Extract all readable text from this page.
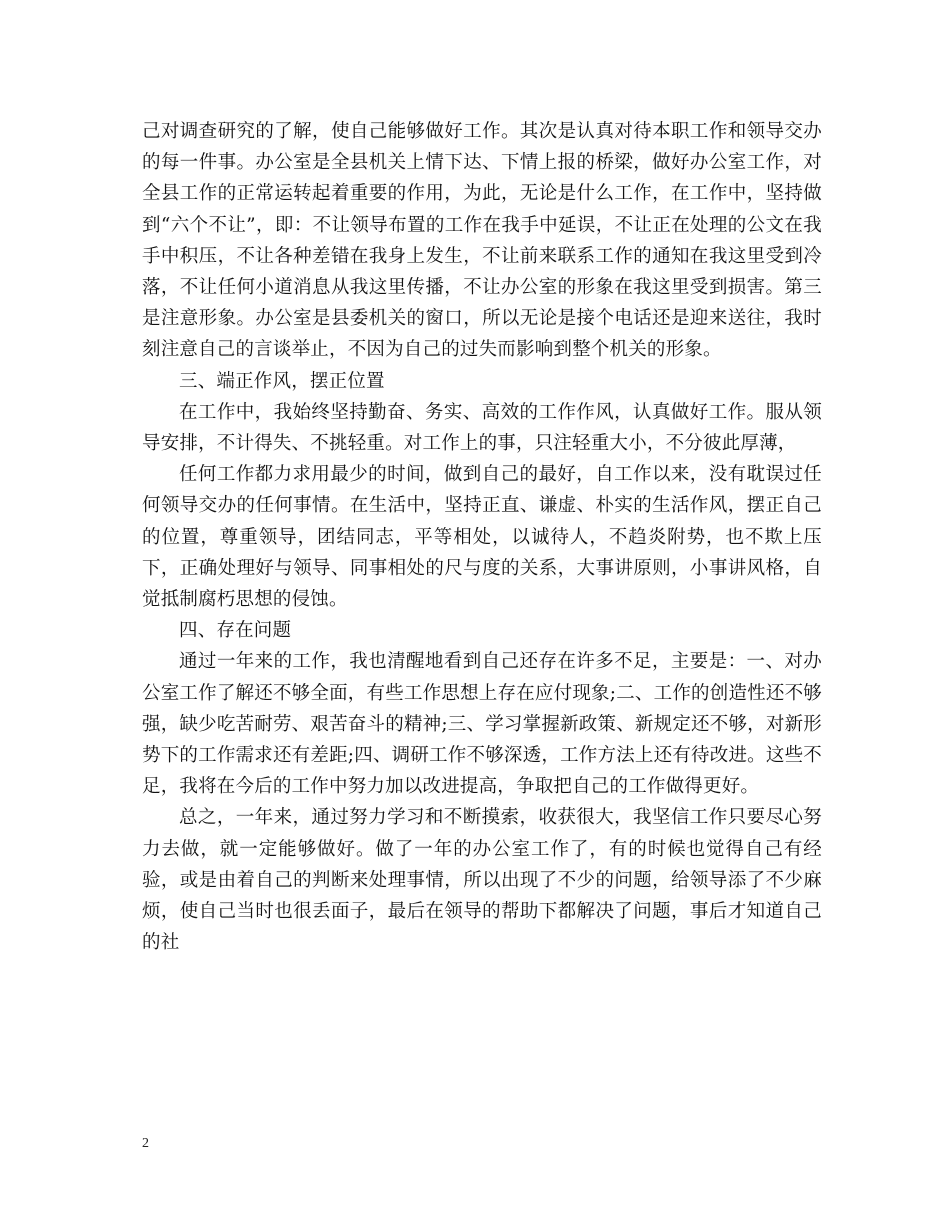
己对调查研究的了解，使自己能够做好工作。其次是认真对待本职工作和领导交办的每一件事。办公室是全县机关上情下达、下情上报的桥梁，做好办公室工作，对全县工作的正常运转起着重要的作用，为此，无论是什么工作，在工作中，坚持做到“六个不让”，即：不让领导布置的工作在我手中延误，不让正在处理的公文在我手中积压，不让各种差错在我身上发生，不让前来联系工作的通知在我这里受到冷落，不让任何小道消息从我这里传播，不让办公室的形象在我这里受到损害。第三是注意形象。办公室是县委机关的窗口，所以无论是接个电话还是迎来送往，我时刻注意自己的言谈举止，不因为自己的过失而影响到整个机关的形象。

三、端正作风，摆正位置

在工作中，我始终坚持勤奋、务实、高效的工作作风，认真做好工作。服从领导安排，不计得失、不挑轻重。对工作上的事，只注轻重大小，不分彼此厚薄，

任何工作都力求用最少的时间，做到自己的最好，自工作以来，没有耽误过任何领导交办的任何事情。在生活中，坚持正直、谦虚、朴实的生活作风，摆正自己的位置，尊重领导，团结同志，平等相处，以诚待人，不趋炎附势，也不欺上压下，正确处理好与领导、同事相处的尺与度的关系，大事讲原则，小事讲风格，自觉抵制腐朽思想的侵蚀。

四、存在问题

通过一年来的工作，我也清醒地看到自己还存在许多不足，主要是：一、对办公室工作了解还不够全面，有些工作思想上存在应付现象;二、工作的创造性还不够强，缺少吃苦耐劳、艰苦奋斗的精神;三、学习掌握新政策、新规定还不够，对新形势下的工作需求还有差距;四、调研工作不够深透，工作方法上还有待改进。这些不足，我将在今后的工作中努力加以改进提高，争取把自己的工作做得更好。

总之，一年来，通过努力学习和不断摸索，收获很大，我坚信工作只要尽心努力去做，就一定能够做好。做了一年的办公室工作了，有的时候也觉得自己有经验，或是由着自己的判断来处理事情，所以出现了不少的问题，给领导添了不少麻烦，使自己当时也很丢面子，最后在领导的帮助下都解决了问题，事后才知道自己的社

2
